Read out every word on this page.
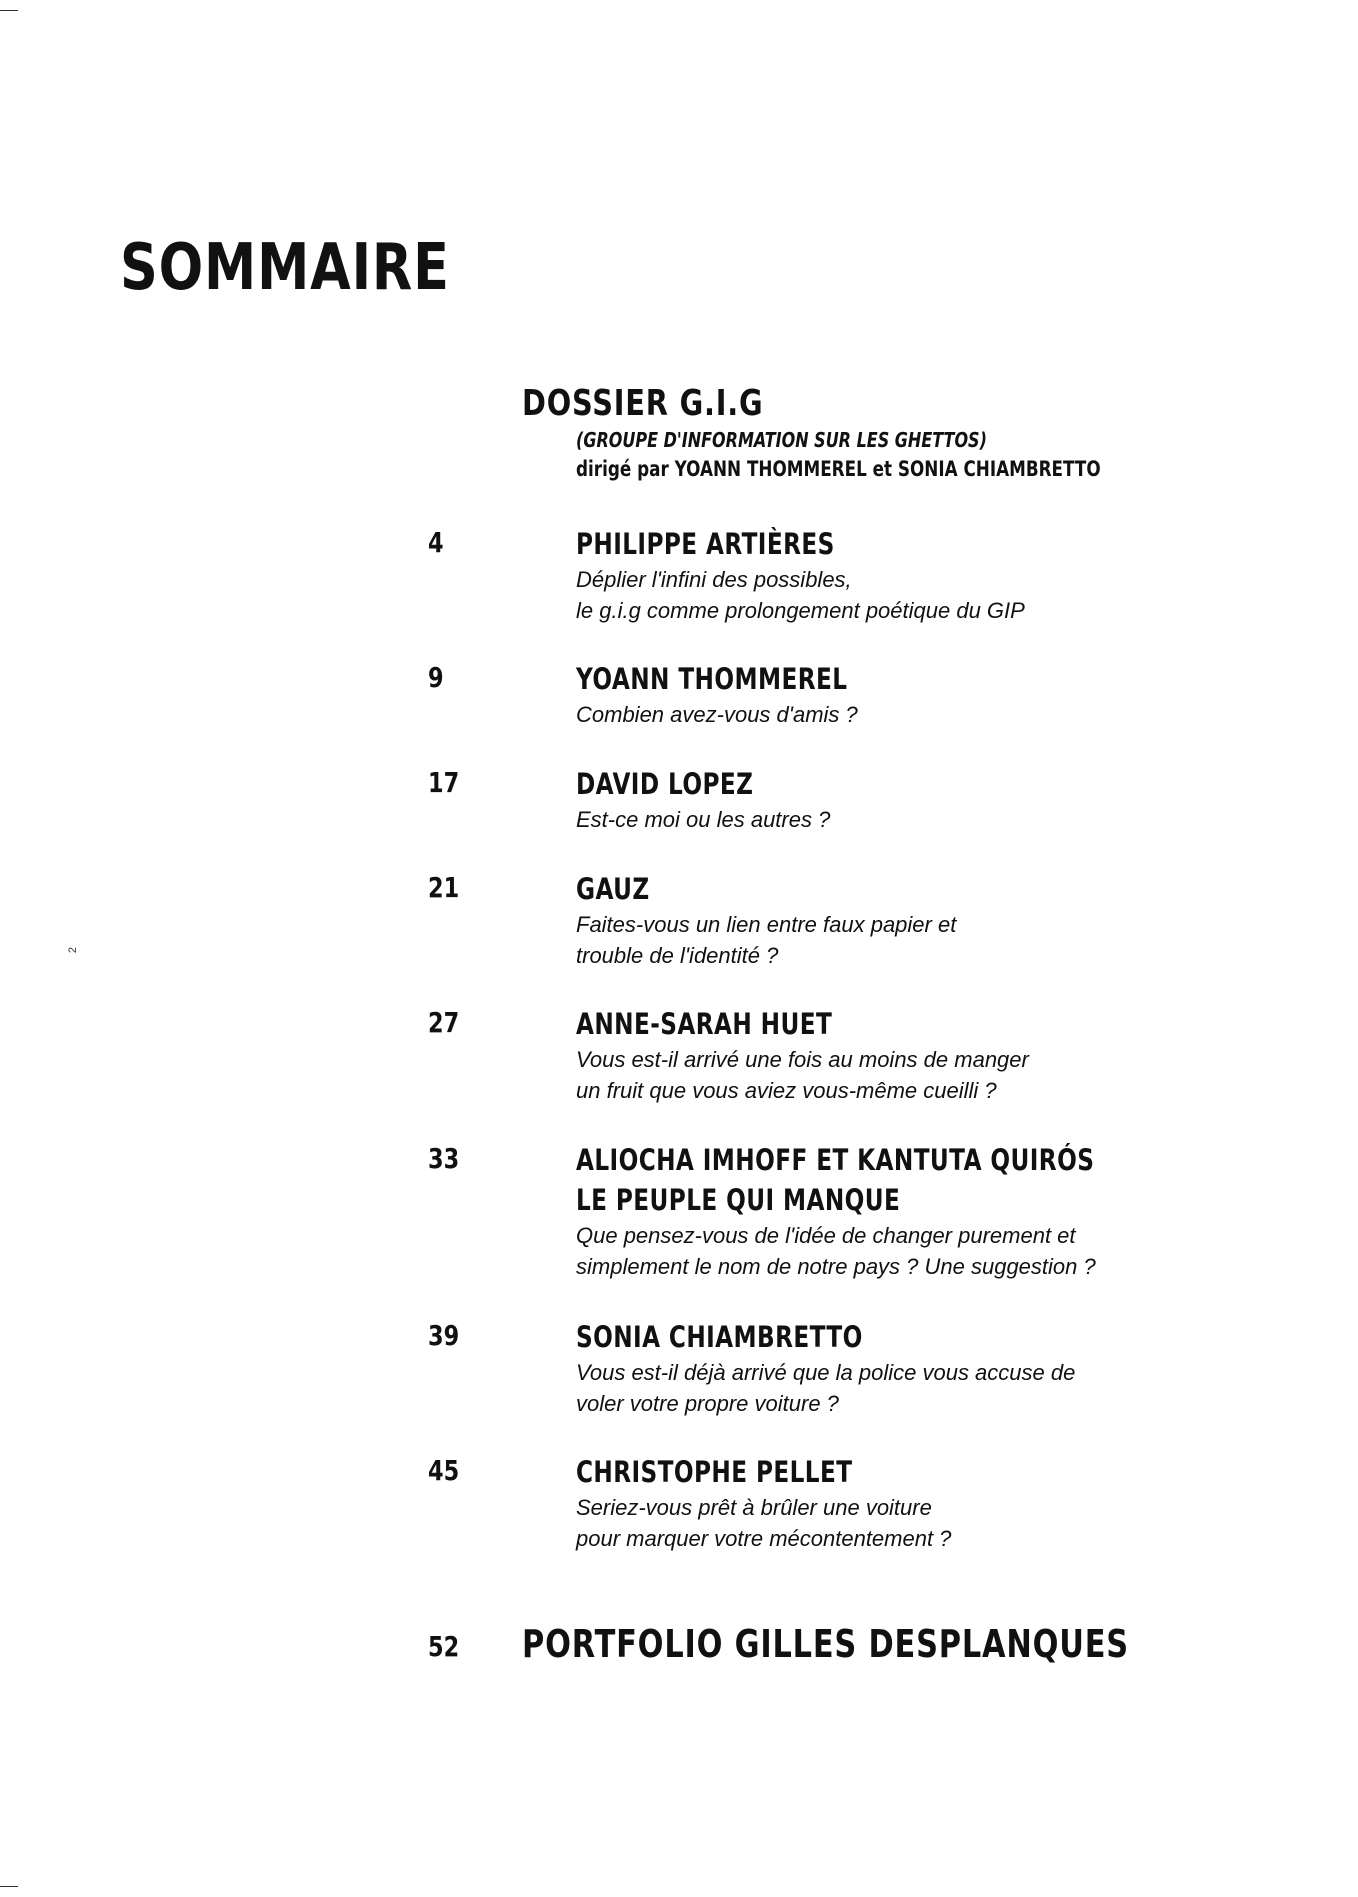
2
SOMMAIRE
DOSSIER G.I.G
(GROUPE D'INFORMATION SUR LES GHETTOS)
dirigé par YOANN THOMMEREL et SONIA CHIAMBRETTO
4	PHILIPPE ARTIÈRES

Déplier l'infini des possibles,

le g.i.g comme prolongement poétique du GIP

9	YOANN THOMMEREL

Combien avez-vous d'amis ?

17	DAVID LOPEZ

Est-ce moi ou les autres ?

21	GAUZ

Faites-vous un lien entre faux papier et

trouble de l'identité ?

27	ANNE-SARAH HUET

Vous est-il arrivé une fois au moins de manger

un fruit que vous aviez vous-même cueilli ?

33	ALIOCHA IMHOFF ET KANTUTA QUIRÓS
LE PEUPLE QUI MANQUE

Que pensez-vous de l'idée de changer purement et

simplement le nom de notre pays ? Une suggestion ?

39	SONIA CHIAMBRETTO

Vous est-il déjà arrivé que la police vous accuse de

voler votre propre voiture ?

45	CHRISTOPHE PELLET

Seriez-vous prêt à brûler une voiture

pour marquer votre mécontentement ?

52 PORTFOLIO GILLES DESPLANQUES
